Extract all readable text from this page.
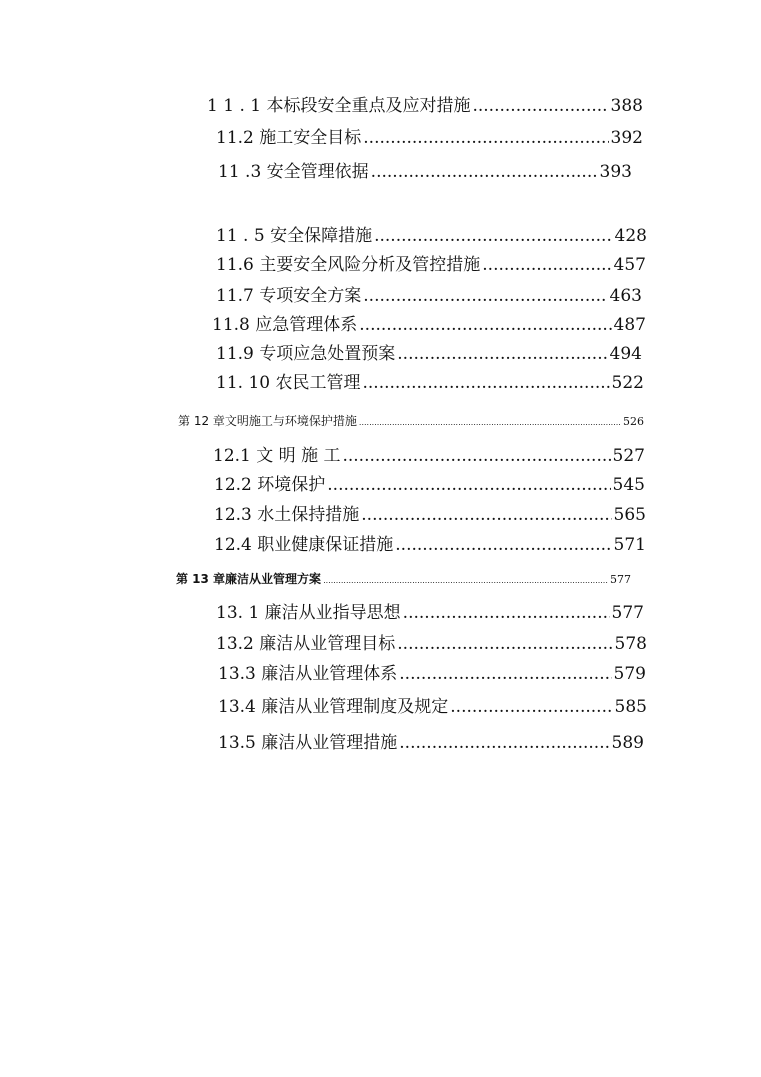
1 1 . 1 本标段安全重点及应对措施 .....	388
11.2 施工安全目标 .....	392
11 .3 安全管理依据 .....	393
11 . 5 安全保障措施 .....	428
11.6 主要安全风险分析及管控措施 .....	457
11.7 专项安全方案 .....	463
11.8 应急管理体系 .....	487
11.9 专项应急处置预案 .....	494
11. 10 农民工管理 .....	522
第 12 章文明施工与环境保护措施 .....	526
12.1 文 明 施 工 .....	527
12.2 环境保护 .....	545
12.3 水土保持措施 .....	565
12.4 职业健康保证措施 .....	571
第 13 章廉洁从业管理方案 .....	577
13. 1 廉洁从业指导思想 .....	577
13.2 廉洁从业管理目标 .....	578
13.3 廉洁从业管理体系 .....	579
13.4 廉洁从业管理制度及规定 .....	585
13.5 廉洁从业管理措施 .....	589
